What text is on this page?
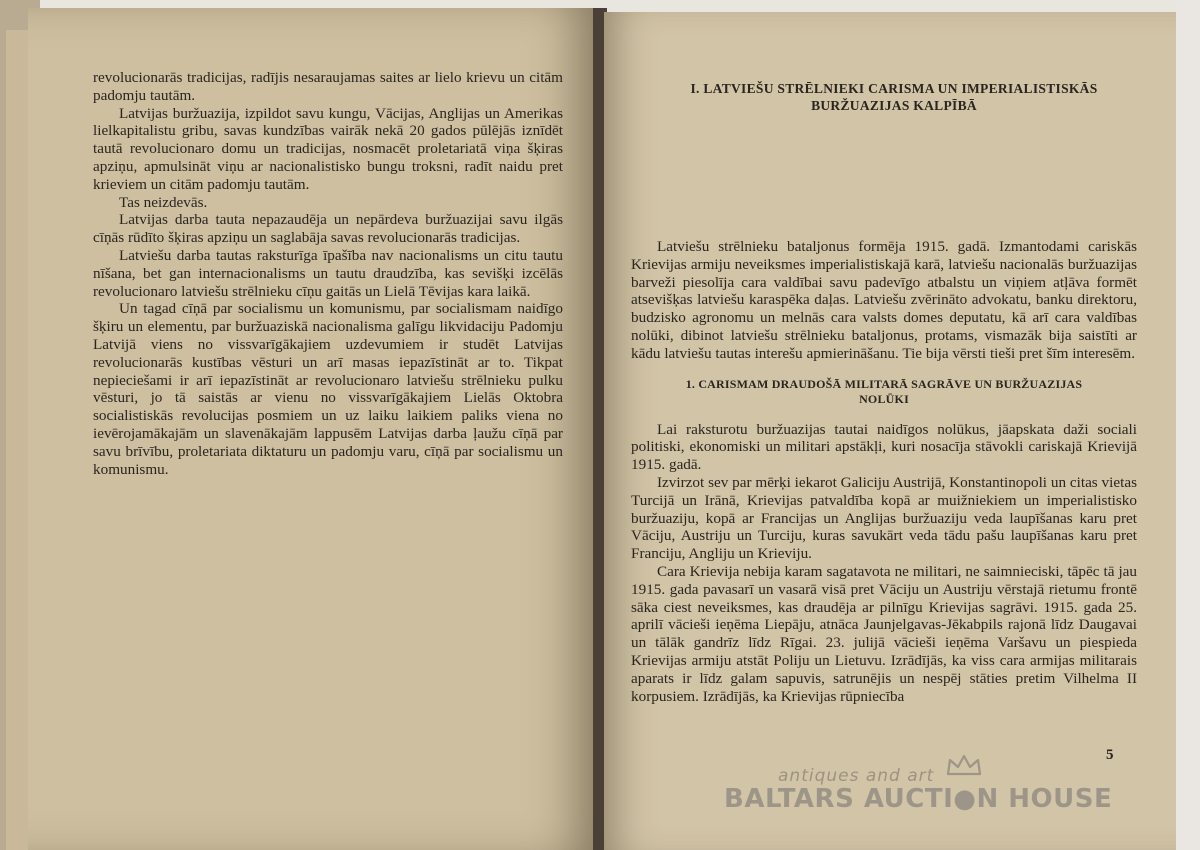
I. LATVIEŠU STRĒLNIEKI CARISMA UN IMPERIALISTISKĀS BURŽUAZIJAS KALPĪBĀ
5

Latviešu strēlnieku bataljonus formēja 1915. gadā. Izmantodami cariskās Krievijas armiju neveiksmes imperialistiskajā karā, latviešu nacionalās buržuazijas barveži piesolīja cara valdībai savu padevīgo atbalstu un viņiem atļāva formēt atsevišķas latviešu karaspēka daļas. Latviešu zvērināto advokatu, banku direktoru, budzisko agronomu un melnās cara valsts domes deputatu, kā arī cara valdības nolūki, dibinot latviešu strēlnieku bataljonus, protams, vismazāk bija saistīti ar kādu latviešu tautas interešu apmierināšanu. Tie bija vērsti tieši pret šīm interesēm.

1. CARISMAM DRAUDOŠĀ MILITARĀ SAGRĀVE UN BURŽUAZIJAS NOLŪKI

Lai raksturotu buržuazijas tautai naidīgos nolūkus, jāapskata daži sociali politiski, ekonomiski un militari apstākļi, kuri nosacīja stāvokli cariskajā Krievijā 1915. gadā.

Izvirzot sev par mērķi iekarot Galiciju Austrijā, Konstantinopoli un citas vietas Turcijā un Irānā, Krievijas patvaldība kopā ar muižniekiem un imperialistisko buržuaziju, kopā ar Francijas un Anglijas buržuaziju veda laupīšanas karu pret Vāciju, Austriju un Turciju, kuras savukārt veda tādu pašu laupīšanas karu pret Franciju, Angliju un Krieviju.

Cara Krievija nebija karam sagatavota ne militari, ne saimnieciski, tāpēc tā jau 1915. gada pavasarī un vasarā visā pret Vāciju un Austriju vērstajā rietumu frontē sāka ciest neveiksmes, kas draudēja ar pilnīgu Krievijas sagrāvi. 1915. gada 25. aprilī vācieši ieņēma Liepāju, atnāca Jaunjelgavas-Jēkabpils rajonā līdz Daugavai un tālāk gandrīz līdz Rīgai. 23. julijā vācieši ieņēma Varšavu un piespieda Krievijas armiju atstāt Poliju un Lietuvu. Izrādījās, ka viss cara armijas militarais aparats ir līdz galam sapuvis, satrunējis un nespēj stāties pretim Vilhelma II korpusiem. Izrādījās, ka Krievijas rūpniecība

revolucionarās tradicijas, radījis nesaraujamas saites ar lielo krievu un citām padomju tautām.

Latvijas buržuazija, izpildot savu kungu, Vācijas, Anglijas un Amerikas lielkapitalistu gribu, savas kundzības vairāk nekā 20 gados pūlējās iznīdēt tautā revolucionaro domu un tradicijas, nosmacēt proletariatā viņa šķiras apziņu, apmulsināt viņu ar nacionalistisko bungu troksni, radīt naidu pret krieviem un citām padomju tautām.

Tas neizdevās.

Latvijas darba tauta nepazaudēja un nepārdeva buržuazijai savu ilgās cīņās rūdīto šķiras apziņu un saglabāja savas revolucionarās tradicijas.

Latviešu darba tautas raksturīga īpašība nav nacionalisms un citu tautu nīšana, bet gan internacionalisms un tautu draudzība, kas sevišķi izcēlās revolucionaro latviešu strēlnieku cīņu gaitās un Lielā Tēvijas kara laikā.

Un tagad cīņā par socialismu un komunismu, par socialismam naidīgo šķiru un elementu, par buržuaziskā nacionalisma galīgu likvidaciju Padomju Latvijā viens no vissvarīgākajiem uzdevumiem ir studēt Latvijas revolucionarās kustības vēsturi un arī masas iepazīstināt ar to. Tikpat nepieciešami ir arī iepazīstināt ar revolucionaro latviešu strēlnieku pulku vēsturi, jo tā saistās ar vienu no vissvarīgākajiem Lielās Oktobra socialistiskās revolucijas posmiem un uz laiku laikiem paliks viena no ievērojamākajām un slavenākajām lappusēm Latvijas darba ļaužu cīņā par savu brīvību, proletariata diktaturu un padomju varu, cīņā par socialismu un komunismu.

antiques and art
BALTARS AUCTI●N HOUSE
